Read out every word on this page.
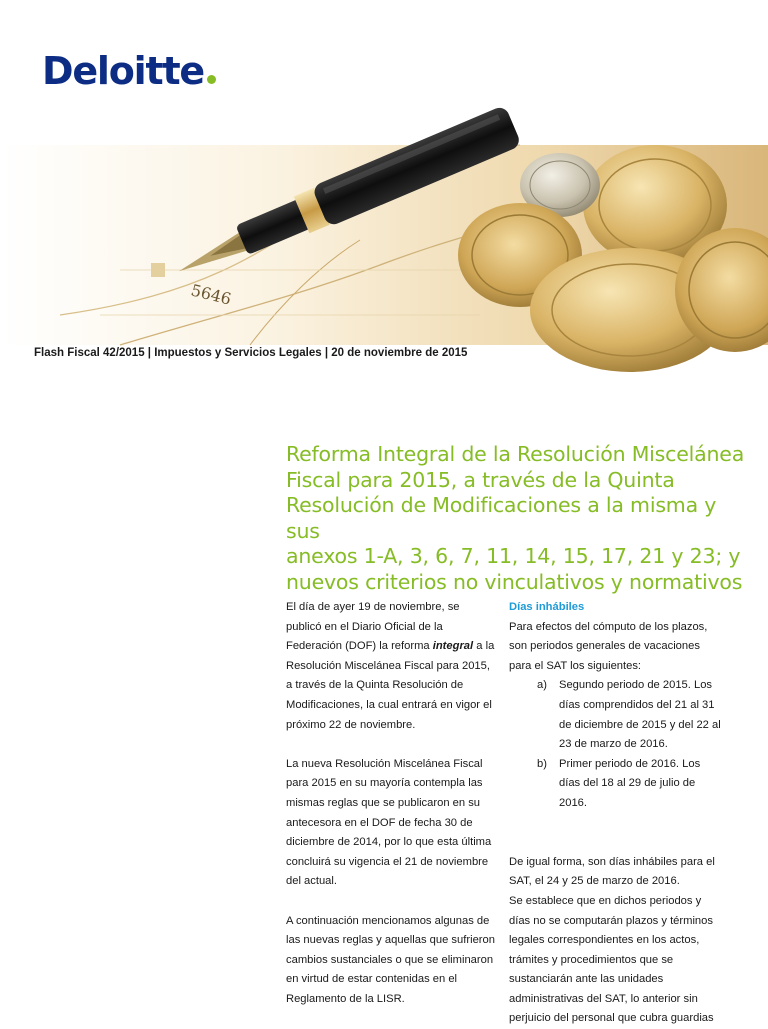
Deloitte
5646
Flash Fiscal 42/2015 | Impuestos y Servicios Legales | 20 de noviembre de 2015
Reforma Integral de la Resolución Miscelánea
Fiscal para 2015, a través de la Quinta
Resolución de Modificaciones a la misma y sus
anexos 1-A, 3, 6, 7, 11, 14, 15, 17, 21 y 23; y
nuevos criterios no vinculativos y normativos

El día de ayer 19 de noviembre, se
publicó en el Diario Oficial de la
Federación (DOF) la reforma integral a la
Resolución Miscelánea Fiscal para 2015,
a través de la Quinta Resolución de
Modificaciones, la cual entrará en vigor el
próximo 22 de noviembre.

La nueva Resolución Miscelánea Fiscal
para 2015 en su mayoría contempla las
mismas reglas que se publicaron en su
antecesora en el DOF de fecha 30 de
diciembre de 2014, por lo que esta última
concluirá su vigencia el 21 de noviembre
del actual.

A continuación mencionamos algunas de
las nuevas reglas y aquellas que sufrieron
cambios sustanciales o que se eliminaron
en virtud de estar contenidas en el
Reglamento de la LISR.

Días inhábiles
Para efectos del cómputo de los plazos,
son periodos generales de vacaciones
para el SAT los siguientes:
a)	Segundo periodo de 2015. Los
días comprendidos del 21 al 31
de diciembre de 2015 y del 22 al
23 de marzo de 2016.
b)	Primer periodo de 2016. Los
días del 18 al 29 de julio de
2016.

De igual forma, son días inhábiles para el
SAT, el 24 y 25 de marzo de 2016.
Se establece que en dichos periodos y
días no se computarán plazos y términos
legales correspondientes en los actos,
trámites y procedimientos que se
sustanciarán ante las unidades
administrativas del SAT, lo anterior sin
perjuicio del personal que cubra guardias
